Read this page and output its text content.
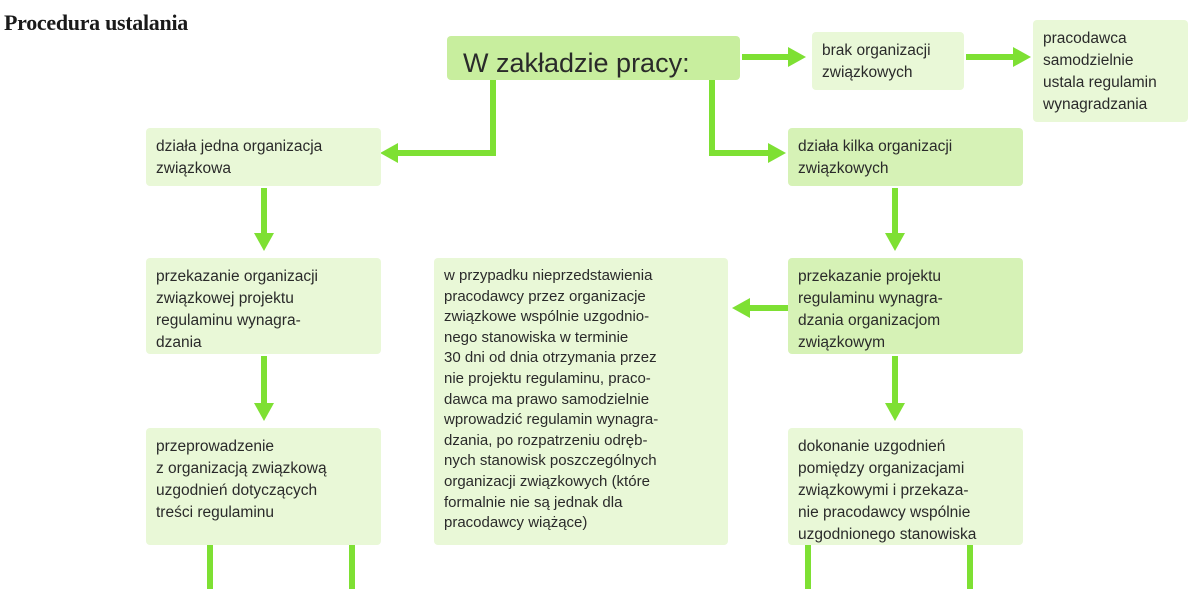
Procedura ustalania
W zakładzie pracy:	brak organizacji
związkowych
pracodawca
samodzielnie
ustala regulamin
wynagradzania
działa jedna organizacja
związkowa
działa kilka organizacji
związkowych
przekazanie organizacji
związkowej projektu
regulaminu wynagra-
dzania
w przypadku nieprzedstawienia
pracodawcy przez organizacje
związkowe wspólnie uzgodnio-
nego stanowiska w terminie
30 dni od dnia otrzymania przez
nie projektu regulaminu, praco-
dawca ma prawo samodzielnie
wprowadzić regulamin wynagra-
dzania, po rozpatrzeniu odręb-
nych stanowisk poszczególnych
organizacji związkowych (które
formalnie nie są jednak dla
pracodawcy wiążące)
przekazanie projektu
regulaminu wynagra-
dzania organizacjom
związkowym
przeprowadzenie
z organizacją związkową
uzgodnień dotyczących
treści regulaminu
dokonanie uzgodnień
pomiędzy organizacjami
związkowymi i przekaza-
nie pracodawcy wspólnie
uzgodnionego stanowiska
